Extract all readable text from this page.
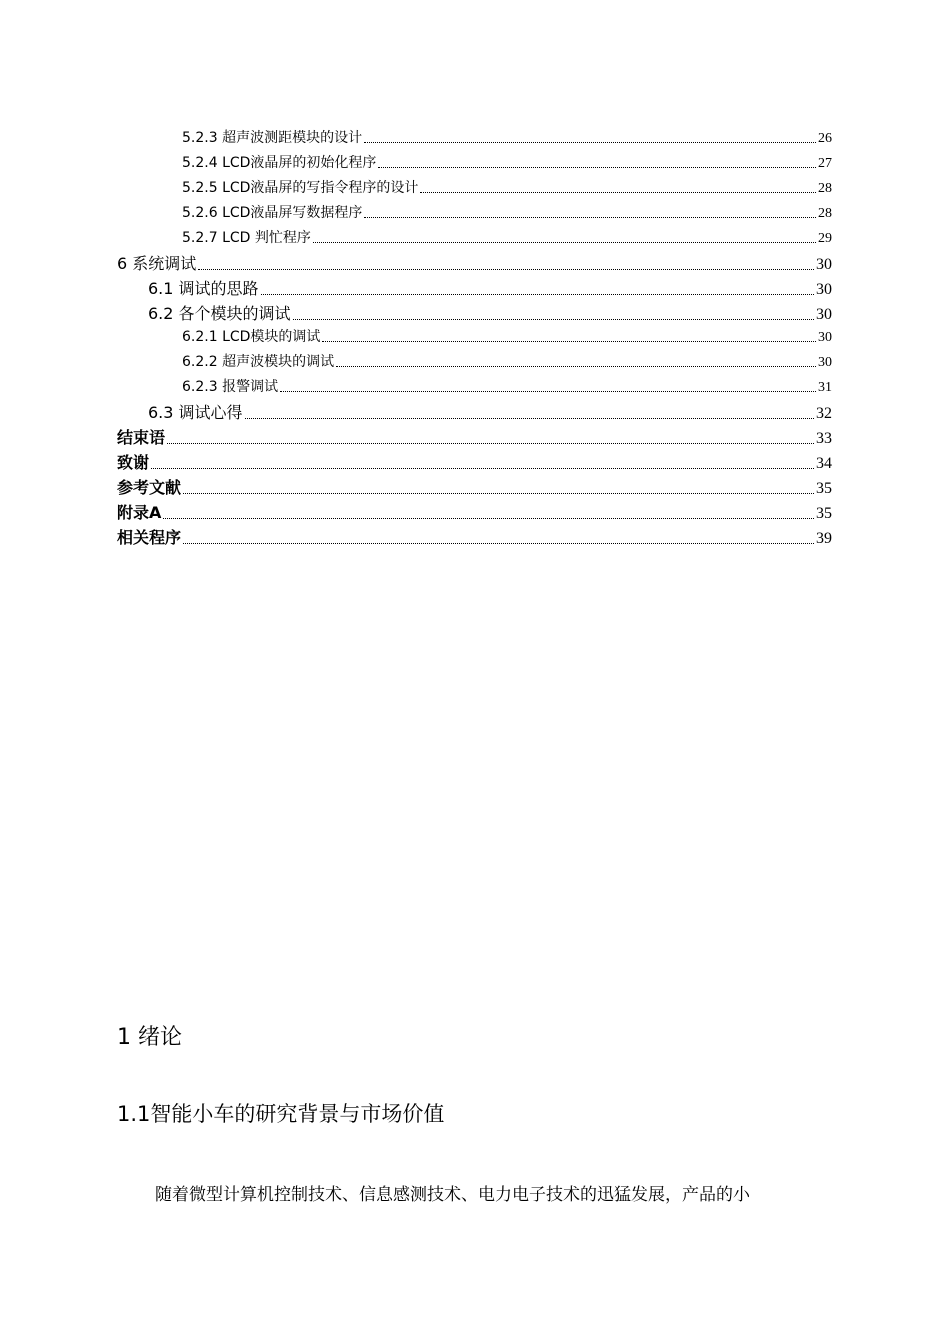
5.2.3 超声波测距模块的设计	26
5.2.4 LCD液晶屏的初始化程序	27
5.2.5 LCD液晶屏的写指令程序的设计	28
5.2.6 LCD液晶屏写数据程序	28
5.2.7 LCD 判忙程序	29
6 系统调试	30
6.1 调试的思路	30
6.2 各个模块的调试	30
6.2.1 LCD模块的调试	30
6.2.2 超声波模块的调试	30
6.2.3 报警调试	31
6.3 调试心得	32
结束语	33
致谢	34
参考文献	35
附录A	35
相关程序	39
1 绪论
1.1智能小车的研究背景与市场价值
随着微型计算机控制技术、信息感测技术、电力电子技术的迅猛发展，产品的小
